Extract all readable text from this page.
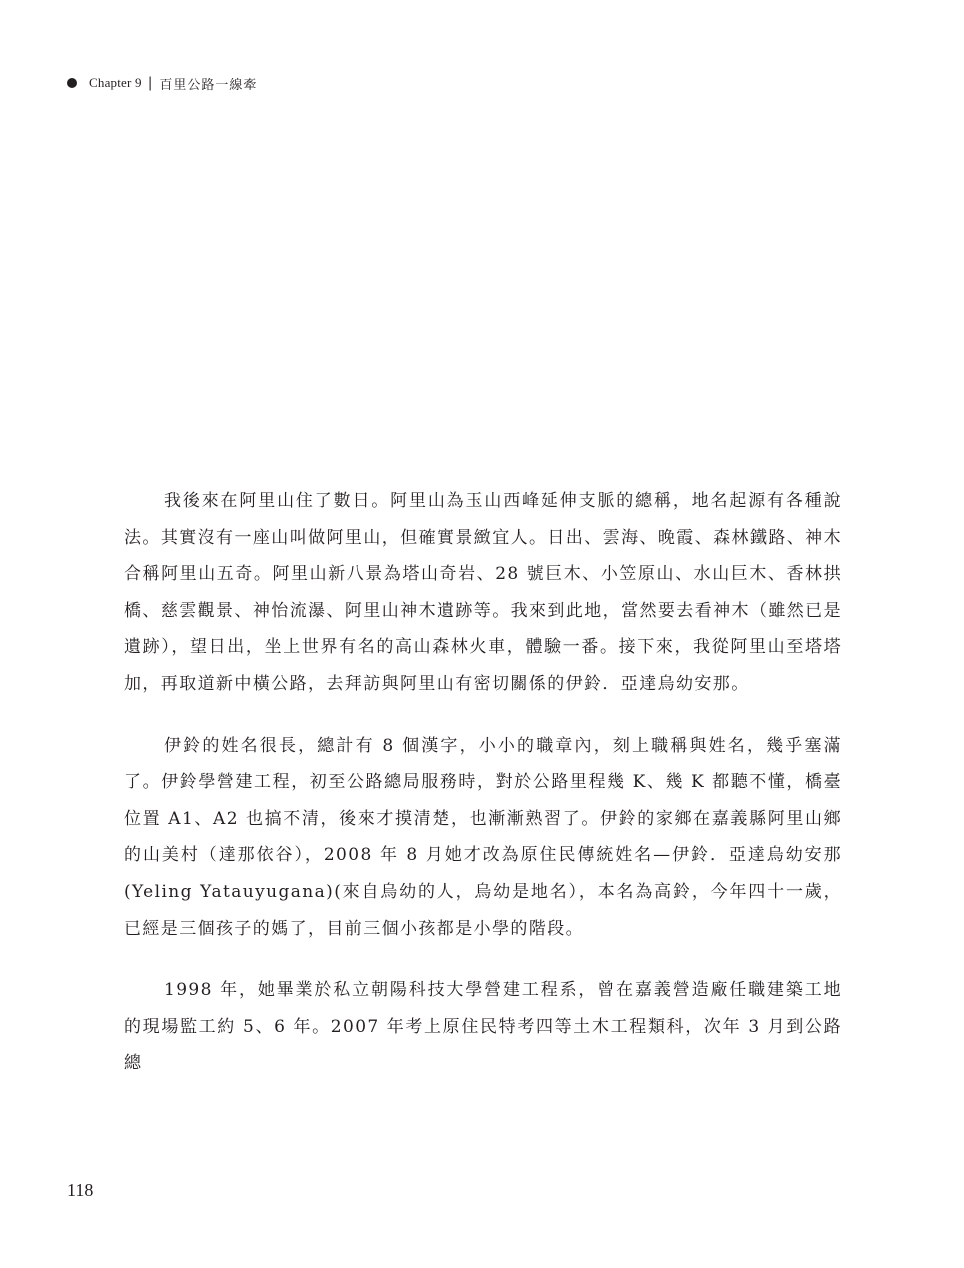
Chapter 9 | 百里公路一線牽

我後來在阿里山住了數日。阿里山為玉山西峰延伸支脈的總稱，地名起源有各種說法。其實沒有一座山叫做阿里山，但確實景緻宜人。日出、雲海、晚霞、森林鐵路、神木合稱阿里山五奇。阿里山新八景為塔山奇岩、28 號巨木、小笠原山、水山巨木、香林拱橋、慈雲觀景、神怡流瀑、阿里山神木遺跡等。我來到此地，當然要去看神木（雖然已是遺跡），望日出，坐上世界有名的高山森林火車，體驗一番。接下來，我從阿里山至塔塔加，再取道新中橫公路，去拜訪與阿里山有密切關係的伊鈴．亞達烏幼安那。

伊鈴的姓名很長，總計有 8 個漢字，小小的職章內，刻上職稱與姓名，幾乎塞滿了。伊鈴學營建工程，初至公路總局服務時，對於公路里程幾 K、幾 K 都聽不懂，橋臺位置 A1、A2 也搞不清，後來才摸清楚，也漸漸熟習了。伊鈴的家鄉在嘉義縣阿里山鄉的山美村（達那依谷），2008 年 8 月她才改為原住民傳統姓名—伊鈴．亞達烏幼安那(Yeling Yatauyugana)(來自烏幼的人，烏幼是地名），本名為高鈴，今年四十一歲，已經是三個孩子的媽了，目前三個小孩都是小學的階段。

1998 年，她畢業於私立朝陽科技大學營建工程系，曾在嘉義營造廠任職建築工地的現場監工約 5、6 年。2007 年考上原住民特考四等土木工程類科，次年 3 月到公路總

118
